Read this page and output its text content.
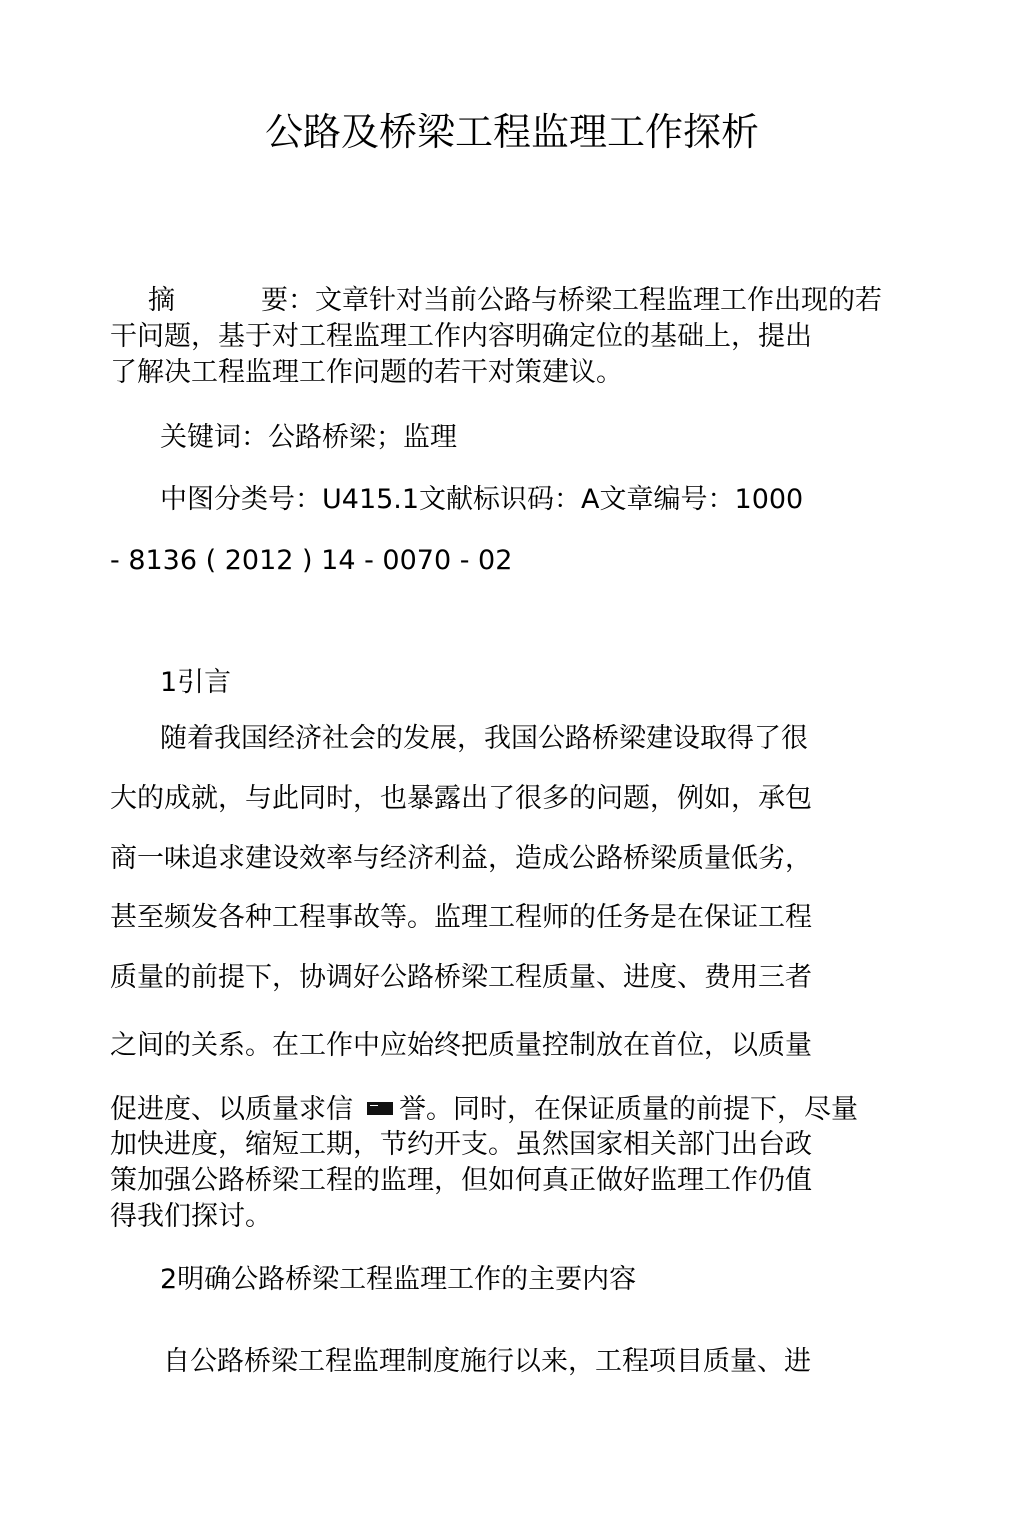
公路及桥梁工程监理工作探析
摘	要：文章针对当前公路与桥梁工程监理工作出现的若
干问题，基于对工程监理工作内容明确定位的基础上，提出
了解决工程监理工作问题的若干对策建议。
关键词：公路桥梁；监理
中图分类号：U415.1文献标识码：A文章编号：1000
- 8136 ( 2012 ) 14 - 0070 - 02
1引言
随着我国经济社会的发展，我国公路桥梁建设取得了很
大的成就，与此同时，也暴露出了很多的问题，例如，承包
商一味追求建设效率与经济利益，造成公路桥梁质量低劣，
甚至频发各种工程事故等。监理工程师的任务是在保证工程
质量的前提下，协调好公路桥梁工程质量、进度、费用三者
之间的关系。在工作中应始终把质量控制放在首位，以质量
促进度、以质量求信 誉。同时，在保证质量的前提下，尽量
加快进度，缩短工期，节约开支。虽然国家相关部门出台政
策加强公路桥梁工程的监理，但如何真正做好监理工作仍值
得我们探讨。
2明确公路桥梁工程监理工作的主要内容
自公路桥梁工程监理制度施行以来，工程项目质量、进
